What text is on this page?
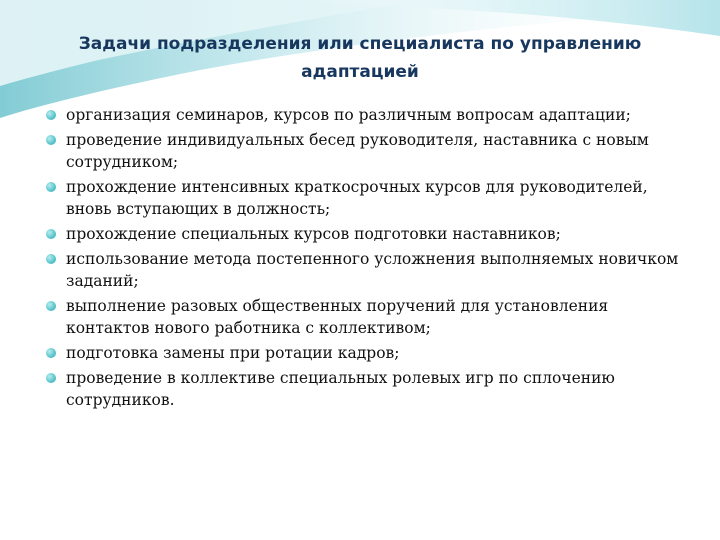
Задачи подразделения или специалиста по управлению адаптацией
организация семинаров, курсов по различным вопросам адаптации;
проведение индивидуальных бесед руководителя, наставника с новым сотрудником;
прохождение интенсивных краткосрочных курсов для руководителей, вновь вступающих в должность;
прохождение специальных курсов подготовки наставников;
использование метода постепенного усложнения выполняемых новичком заданий;
выполнение разовых общественных поручений для установления контактов нового работника с коллективом;
подготовка замены при ротации кадров;
проведение в коллективе специальных ролевых игр по сплочению сотрудников.
